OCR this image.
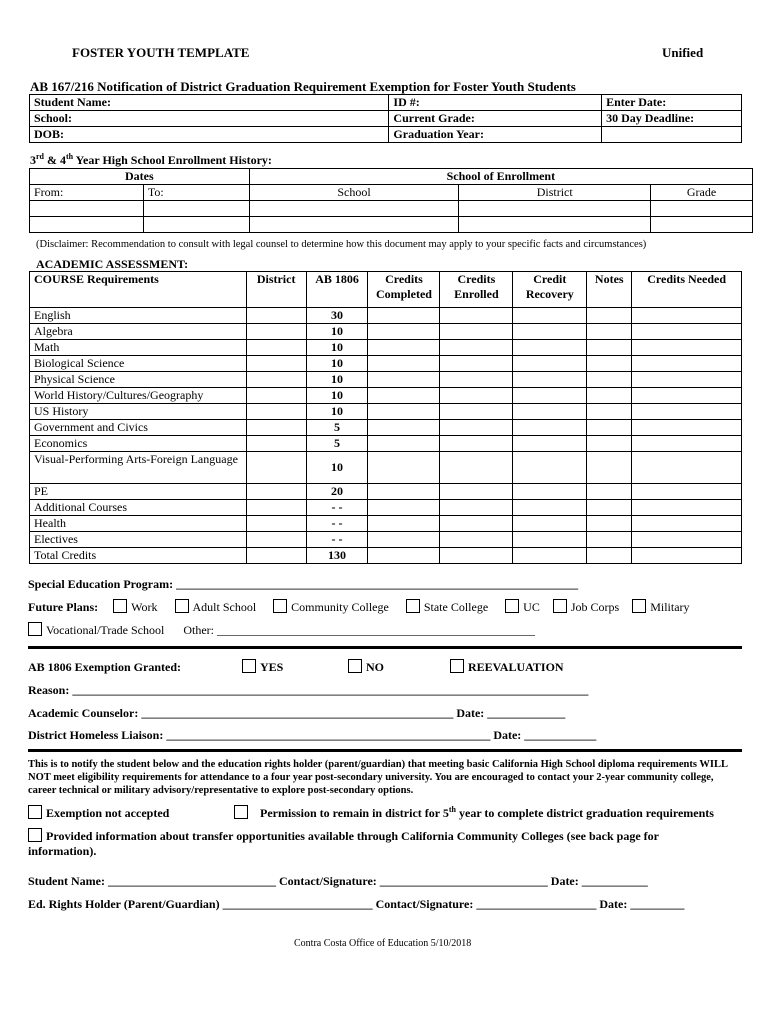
FOSTER YOUTH TEMPLATE	Unified
AB 167/216 Notification of District Graduation Requirement Exemption for Foster Youth Students
Student Name:	ID #:	Enter Date:
School:	Current Grade:	30 Day Deadline:
DOB:	Graduation Year:	
3rd & 4th Year High School Enrollment History:
Dates		School of Enrollment		
From:	To:	School	District	Grade

(Disclaimer: Recommendation to consult with legal counsel to determine how this document may apply to your specific facts and circumstances)
ACADEMIC ASSESSMENT:
COURSE Requirements	District	AB 1806	Credits Completed	Credits Enrolled	Credit Recovery	Notes	Credits Needed
English		30					
Algebra		10					
Math		10					
Biological Science		10					
Physical Science		10					
World History/Cultures/Geography		10					
US History		10					
Government and Civics		5					
Economics		5					
Visual-Performing Arts-Foreign Language		10					
PE		20					
Additional Courses		- -					
Health		- -					
Electives		- -					
Total Credits		130					
Special Education Program: ___________________________________________________________________
Future Plans:	Work	Adult School	Community College	State College	UC	Job Corps	Military
Vocational/Trade School Other: _____________________________________________________
AB 1806 Exemption Granted:	YES	NO	REEVALUATION
Reason: ______________________________________________________________________________________
Academic Counselor: ____________________________________________________ Date: _____________
District Homeless Liaison: ______________________________________________________ Date: ____________
This is to notify the student below and the education rights holder (parent/guardian) that meeting basic California High School diploma requirements WILL NOT meet eligibility requirements for attendance to a four year post-secondary university. You are encouraged to contact your 2-year community college, career technical or military advisory/representative to explore post-secondary options.
Exemption not accepted	Permission to remain in district for 5th year to complete district graduation requirements
Provided information about transfer opportunities available through California Community Colleges (see back page for information).
Student Name: ____________________________ Contact/Signature: ____________________________ Date: ___________
Ed. Rights Holder (Parent/Guardian) _________________________ Contact/Signature: ____________________ Date: _________
Contra Costa Office of Education 5/10/2018
